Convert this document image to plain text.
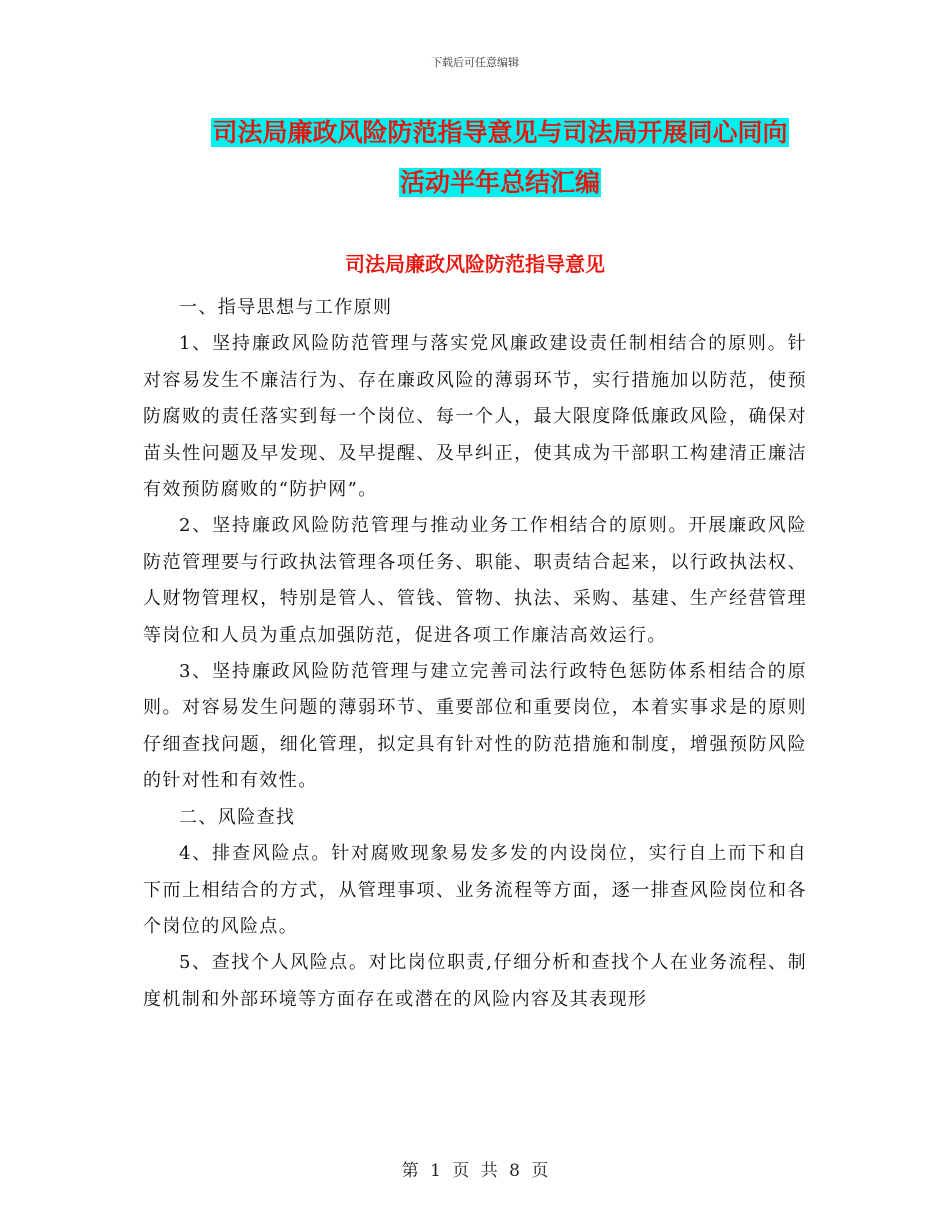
下载后可任意编辑
司法局廉政风险防范指导意见与司法局开展同心同向
活动半年总结汇编
司法局廉政风险防范指导意见

一、指导思想与工作原则

1、坚持廉政风险防范管理与落实党风廉政建设责任制相结合的原则。针对容易发生不廉洁行为、存在廉政风险的薄弱环节，实行措施加以防范，使预防腐败的责任落实到每一个岗位、每一个人，最大限度降低廉政风险，确保对苗头性问题及早发现、及早提醒、及早纠正，使其成为干部职工构建清正廉洁有效预防腐败的“防护网”。

2、坚持廉政风险防范管理与推动业务工作相结合的原则。开展廉政风险防范管理要与行政执法管理各项任务、职能、职责结合起来，以行政执法权、人财物管理权，特别是管人、管钱、管物、执法、采购、基建、生产经营管理等岗位和人员为重点加强防范，促进各项工作廉洁高效运行。

3、坚持廉政风险防范管理与建立完善司法行政特色惩防体系相结合的原则。对容易发生问题的薄弱环节、重要部位和重要岗位，本着实事求是的原则仔细查找问题，细化管理，拟定具有针对性的防范措施和制度，增强预防风险的针对性和有效性。

二、风险查找

4、排查风险点。针对腐败现象易发多发的内设岗位，实行自上而下和自下而上相结合的方式，从管理事项、业务流程等方面，逐一排查风险岗位和各个岗位的风险点。

5、查找个人风险点。对比岗位职责,仔细分析和查找个人在业务流程、制度机制和外部环境等方面存在或潜在的风险内容及其表现形

第 1 页 共 8 页
